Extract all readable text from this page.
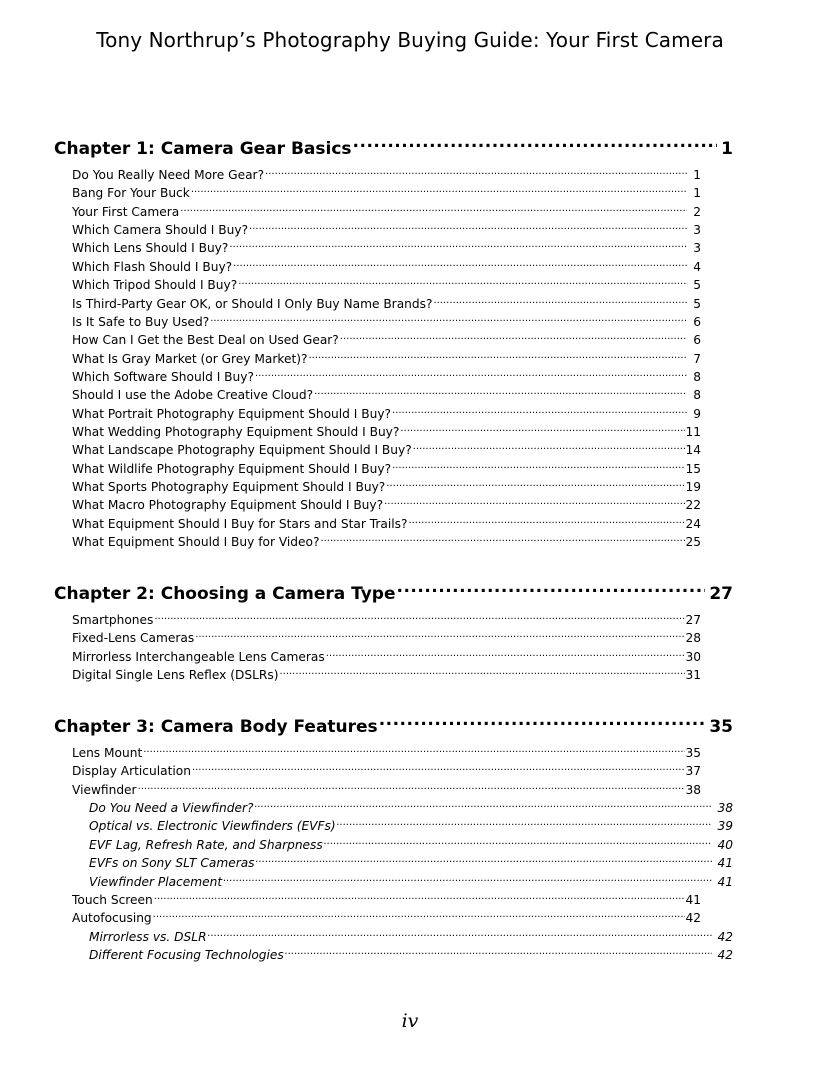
Tony Northrup’s Photography Buying Guide: Your First Camera
Chapter 1: Camera Gear Basics .....	1
Do You Really Need More Gear? .....	1
Bang For Your Buck .....	1
Your First Camera .....	2
Which Camera Should I Buy? .....	3
Which Lens Should I Buy? .....	3
Which Flash Should I Buy? .....	4
Which Tripod Should I Buy? .....	5
Is Third-Party Gear OK, or Should I Only Buy Name Brands? .....	5
Is It Safe to Buy Used? .....	6
How Can I Get the Best Deal on Used Gear? .....	6
What Is Gray Market (or Grey Market)? .....	7
Which Software Should I Buy? .....	8
Should I use the Adobe Creative Cloud? .....	8
What Portrait Photography Equipment Should I Buy? .....	9
What Wedding Photography Equipment Should I Buy? .....	11
What Landscape Photography Equipment Should I Buy? .....	14
What Wildlife Photography Equipment Should I Buy? .....	15
What Sports Photography Equipment Should I Buy? .....	19
What Macro Photography Equipment Should I Buy? .....	22
What Equipment Should I Buy for Stars and Star Trails? .....	24
What Equipment Should I Buy for Video? .....	25
Chapter 2: Choosing a Camera Type .....	27
Smartphones .....	27
Fixed-Lens Cameras .....	28
Mirrorless Interchangeable Lens Cameras .....	30
Digital Single Lens Reflex (DSLRs) .....	31
Chapter 3: Camera Body Features .....	35
Lens Mount .....	35
Display Articulation .....	37
Viewfinder .....	38
Do You Need a Viewfinder? .....	38
Optical vs. Electronic Viewfinders (EVFs) .....	39
EVF Lag, Refresh Rate, and Sharpness .....	40
EVFs on Sony SLT Cameras .....	41
Viewfinder Placement .....	41
Touch Screen .....	41
Autofocusing .....	42
Mirrorless vs. DSLR .....	42
Different Focusing Technologies .....	42
iv
